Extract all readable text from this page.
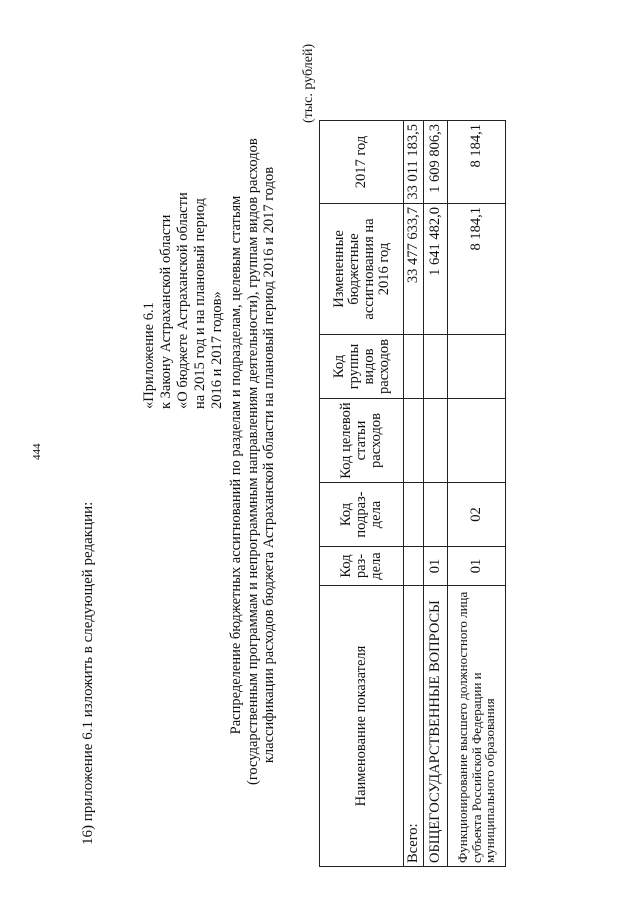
444
16) приложение 6.1 изложить в следующей редакции:
«Приложение 6.1 к Закону Астраханской области «О бюджете Астраханской области на 2015 год и на плановый период 2016 и 2017 годов» Распределение бюджетных ассигнований по разделам и подразделам, целевым статьям (государственным программам и непрограммным направлениям деятельности), группам видов расходов классификации расходов бюджета Астраханской области на плановый период 2016 и 2017 годов
(тыс. рублей)
Наименование показателя	Код раз-дела	Код подраз-дела	Код целевой статьи расходов	Код группы видов расходов	Измененные бюджетные ассигнования на 2016 год	2017 год
Всего:					33 477 633,7	33 011 183,5
ОБЩЕГОСУДАРСТВЕННЫЕ ВОПРОСЫ	01				1 641 482,0	1 609 806,3
Функционирование высшего должностного лица субъекта Российской Федерации и муниципального образования	01	02			8 184,1	8 184,1
